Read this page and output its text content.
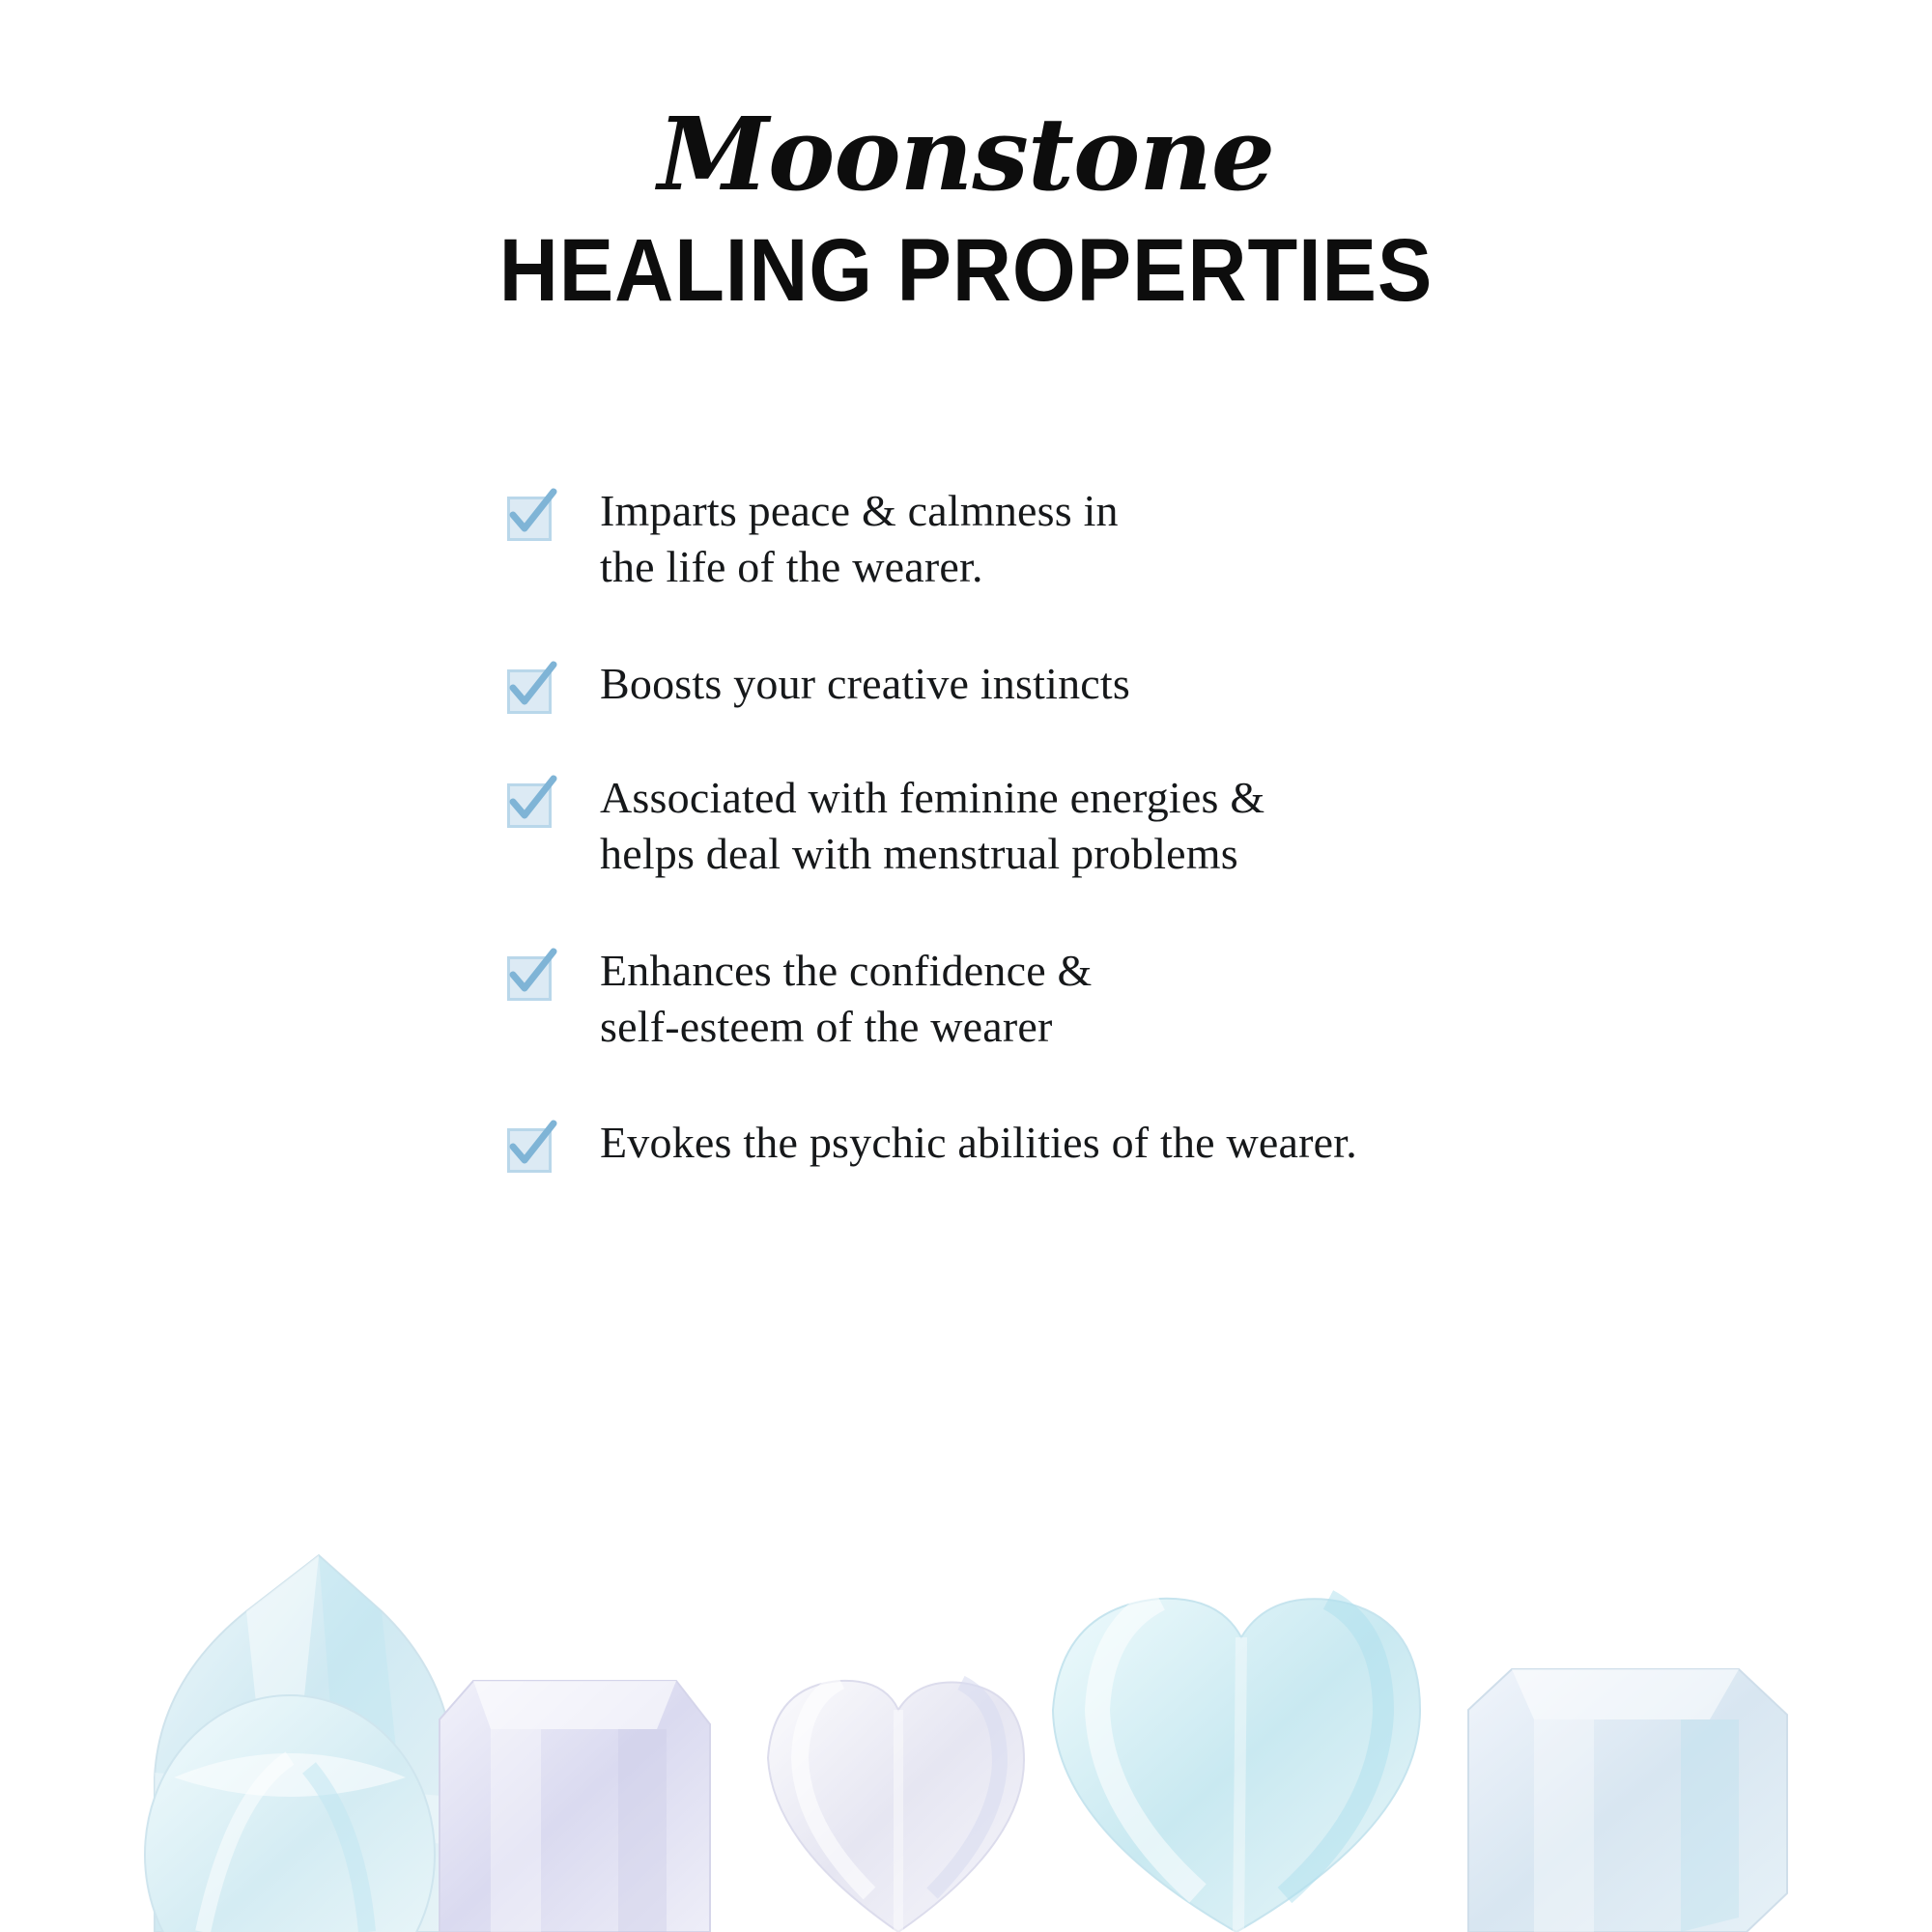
Moonstone
HEALING PROPERTIES
Imparts peace & calmness in
the life of the wearer.
Boosts your creative instincts
Associated with feminine energies &
helps deal with menstrual problems
Enhances the confidence &
self-esteem of the wearer
Evokes the psychic abilities of the wearer.
